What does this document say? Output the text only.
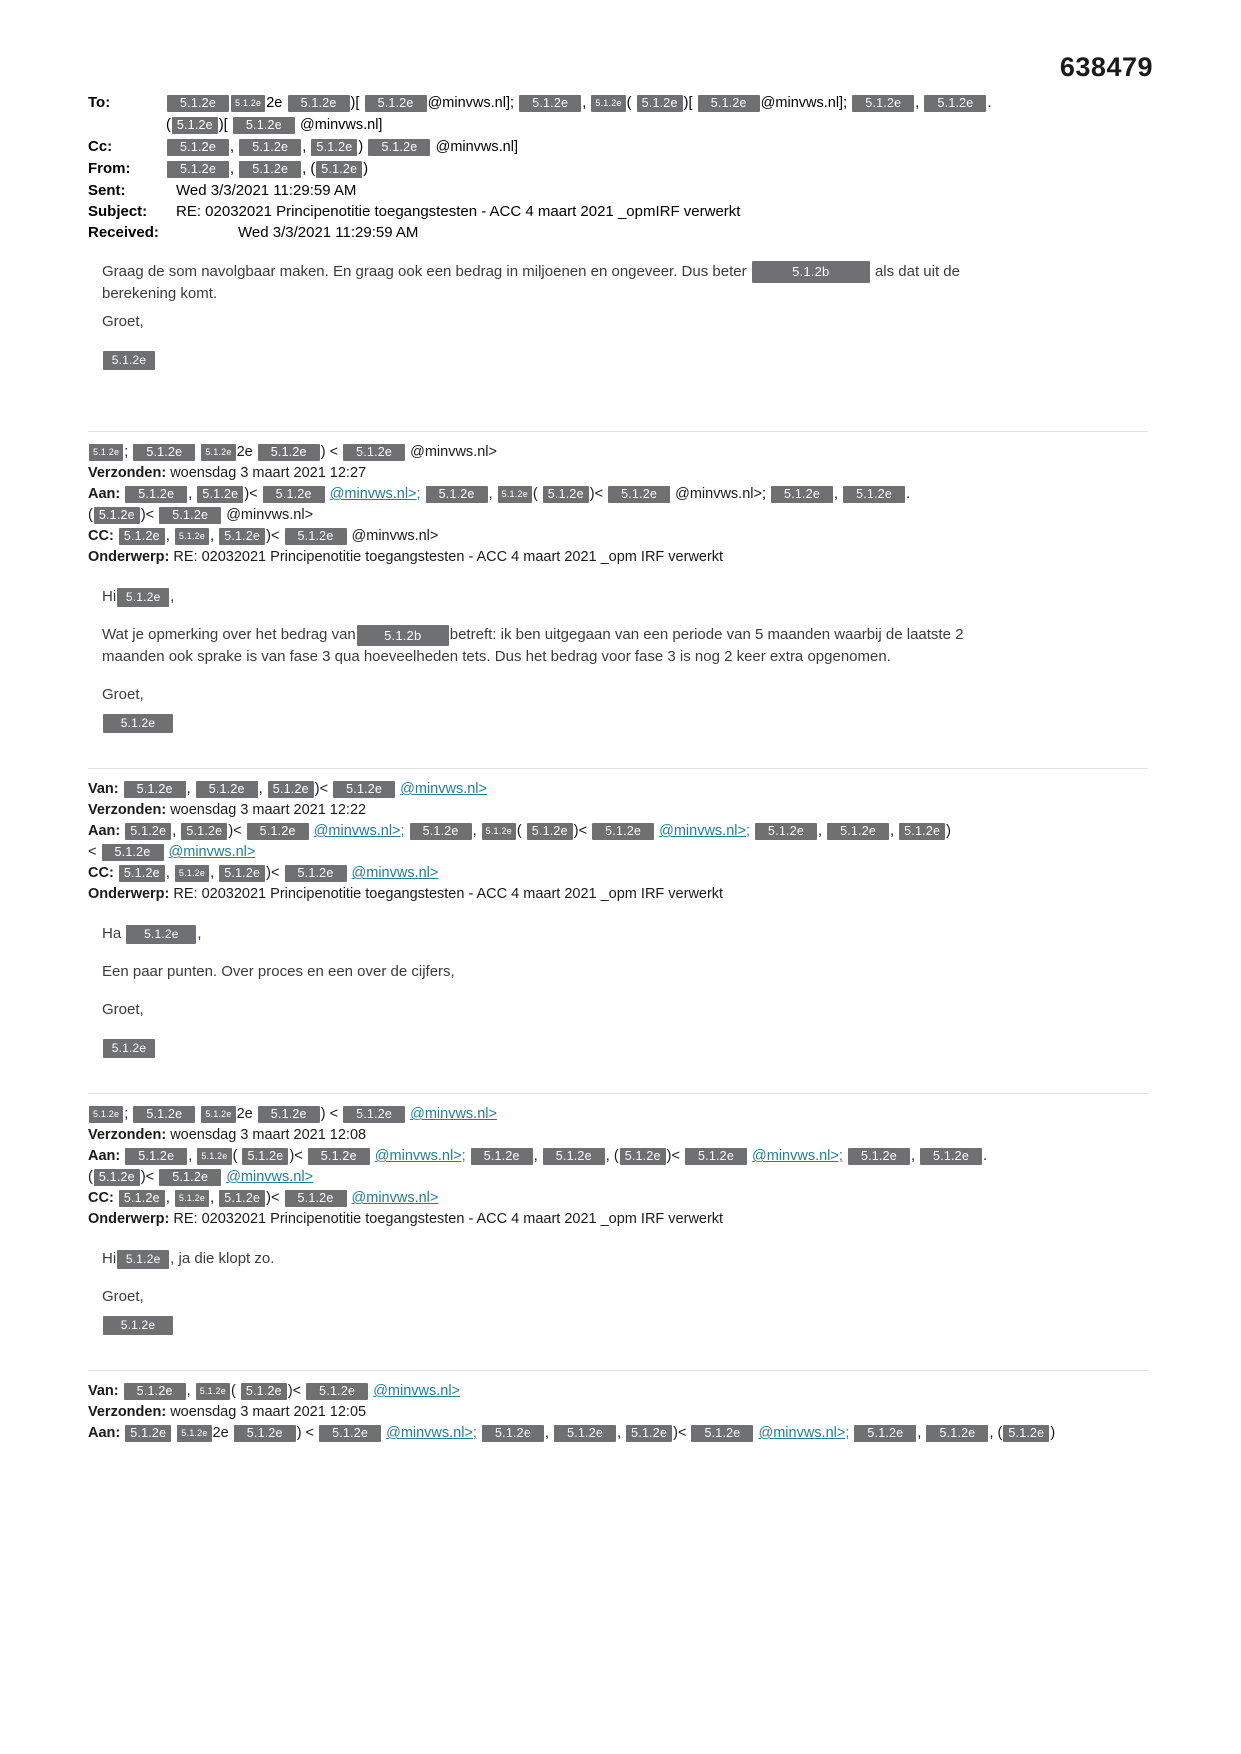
638479
To:	5.1.2e 5.1.2e 2e 5.1.2e )[ 5.1.2e @minvws.nl]; 5.1.2e , 5.1.2e ( 5.1.2e )[ 5.1.2e @minvws.nl]; 5.1.2e , 5.1.2e .
( 5.1.2e )[ 5.1.2e @minvws.nl]
Cc:	5.1.2e , 5.1.2e , 5.1.2e ) 5.1.2e @minvws.nl]
From:	5.1.2e , 5.1.2e , ( 5.1.2e )
Sent:	Wed 3/3/2021 11:29:59 AM
Subject:	RE: 02032021 Principenotitie toegangstesten - ACC 4 maart 2021 _opmIRF verwerkt
Received:	Wed 3/3/2021 11:29:59 AM

Graag de som navolgbaar maken. En graag ook een bedrag in miljoenen en ongeveer. Dus beter	5.1.2b	als dat uit de
berekening komt.

Groet,

5.1.2e
5.1.2e ; 5.1.2e	5.1.2e 2e 5.1.2e ) < 5.1.2e @minvws.nl>
Verzonden: woensdag 3 maart 2021 12:27
Aan: 5.1.2e , 5.1.2e )< 5.1.2e @minvws.nl>; 5.1.2e , 5.1.2e ( 5.1.2e )< 5.1.2e @minvws.nl>; 5.1.2e , 5.1.2e .
( 5.1.2e )< 5.1.2e @minvws.nl>
CC: 5.1.2e , 5.1.2e , 5.1.2e )< 5.1.2e @minvws.nl>
Onderwerp: RE: 02032021 Principenotitie toegangstesten - ACC 4 maart 2021 _opm IRF verwerkt

Hi 5.1.2e ,

Wat je opmerking over het bedrag van 5.1.2b betreft: ik ben uitgegaan van een periode van 5 maanden waarbij de laatste 2
maanden ook sprake is van fase 3 qua hoeveelheden tets. Dus het bedrag voor fase 3 is nog 2 keer extra opgenomen.

Groet,

5.1.2e
Van: 5.1.2e , 5.1.2e , 5.1.2e )< 5.1.2e @minvws.nl>
Verzonden: woensdag 3 maart 2021 12:22
Aan: 5.1.2e , 5.1.2e )< 5.1.2e @minvws.nl>; 5.1.2e , 5.1.2e ( 5.1.2e )< 5.1.2e @minvws.nl>; 5.1.2e , 5.1.2e , 5.1.2e )
< 5.1.2e @minvws.nl>
CC: 5.1.2e , 5.1.2e , 5.1.2e )< 5.1.2e @minvws.nl>
Onderwerp: RE: 02032021 Principenotitie toegangstesten - ACC 4 maart 2021 _opm IRF verwerkt

Ha 5.1.2e ,

Een paar punten. Over proces en een over de cijfers,

Groet,

5.1.2e
5.1.2e ; 5.1.2e	5.1.2e 2e 5.1.2e ) < 5.1.2e @minvws.nl>
Verzonden: woensdag 3 maart 2021 12:08
Aan: 5.1.2e , 5.1.2e ( 5.1.2e )< 5.1.2e @minvws.nl>; 5.1.2e , 5.1.2e , ( 5.1.2e )< 5.1.2e @minvws.nl>; 5.1.2e , 5.1.2e .
( 5.1.2e )< 5.1.2e @minvws.nl>
CC: 5.1.2e , 5.1.2e , 5.1.2e )< 5.1.2e @minvws.nl>
Onderwerp: RE: 02032021 Principenotitie toegangstesten - ACC 4 maart 2021 _opm IRF verwerkt

Hi 5.1.2e , ja die klopt zo.

Groet,

5.1.2e
Van: 5.1.2e , 5.1.2e ( 5.1.2e )< 5.1.2e @minvws.nl>
Verzonden: woensdag 3 maart 2021 12:05
Aan: 5.1.2e 5.1.2e 2e 5.1.2e ) < 5.1.2e @minvws.nl>; 5.1.2e , 5.1.2e , 5.1.2e )< 5.1.2e @minvws.nl>; 5.1.2e , 5.1.2e , ( 5.1.2e )
